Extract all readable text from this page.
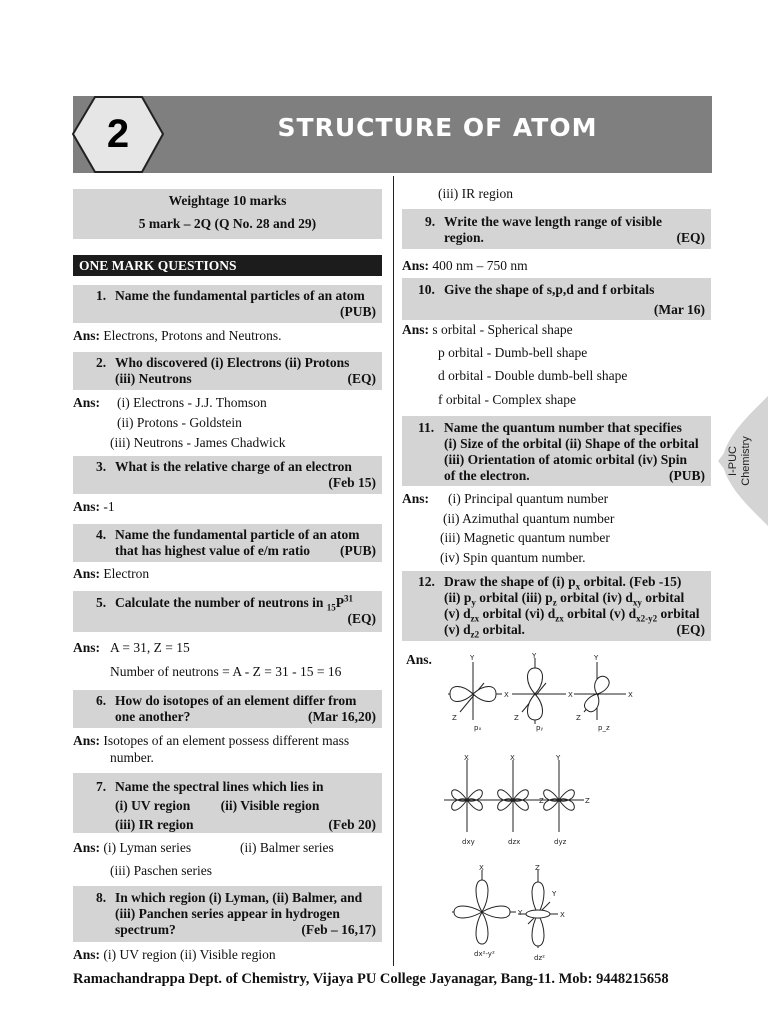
2	STRUCTURE OF ATOM
Weightage 10 marks
5 mark – 2Q (Q No. 28 and 29)
ONE MARK QUESTIONS
1. Name the fundamental particles of an atom
(PUB)
Ans: Electrons, Protons and Neutrons.
2. Who discovered (i) Electrons (ii) Protons
(iii) Neutrons	(EQ)
Ans: (i) Electrons - J.J. Thomson
(ii) Protons - Goldstein
(iii) Neutrons - James Chadwick
3. What is the relative charge of an electron
(Feb 15)
Ans: -1
4. Name the fundamental particle of an atom
that has highest value of e/m ratio (PUB)
Ans: Electron
5. Calculate the number of neutrons in $_{15}P^{31}$
(EQ)
Ans: A = 31, Z = 15
Number of neutrons = A - Z = 31 - 15 = 16
6. How do isotopes of an element differ from
one another?	(Mar 16,20)
Ans: Isotopes of an element possess different mass
number.
7. Name the spectral lines which lies in
(i) UV region (ii) Visible region
(iii) IR region	(Feb 20)
Ans: (i) Lyman series	(ii) Balmer series
(iii) Paschen series
8. In which region (i) Lyman, (ii) Balmer, and
(iii) Panchen series appear in hydrogen
spectrum?	(Feb – 16,17)
Ans: (i) UV region (ii) Visible region
(iii) IR region
9. Write the wave length range of visible
region.	(EQ)
Ans: 400 nm – 750 nm
10. Give the shape of s,p,d and f orbitals
(Mar 16)
Ans: s orbital - Spherical shape
p orbital - Dumb-bell shape
d orbital - Double dumb-bell shape
f orbital - Complex shape
11. Name the quantum number that specifies
(i) Size of the orbital (ii) Shape of the orbital
(iii) Orientation of atomic orbital (iv) Spin
of the electron.	(PUB)
Ans: (i) Principal quantum number
(ii) Azimuthal quantum number
(iii) Magnetic quantum number
(iv) Spin quantum number.
12. Draw the shape of (i) $p_x$ orbital. (Feb -15)
(ii) $p_y$ orbital (iii) $p_z$ orbital (iv) $d_{xy}$ orbital
(v) $d_{zx}$ orbital (vi) $d_{zx}$ orbital (v) $d_{x2-y2}$ orbital
(v) $d_{z2}$ orbital.	(EQ)
Ans.	Y
X
Z
pₓ
Y
X
Z
pᵧ
Y
X
Z
p_z
X
dxy
X
Z
dzx
Y
Z
dyz
X
Y
dx²-y²
Z
Y
X
dz²
I-PUC Chemistry
Ramachandrappa Dept. of Chemistry, Vijaya PU College Jayanagar, Bang-11. Mob: 9448215658
